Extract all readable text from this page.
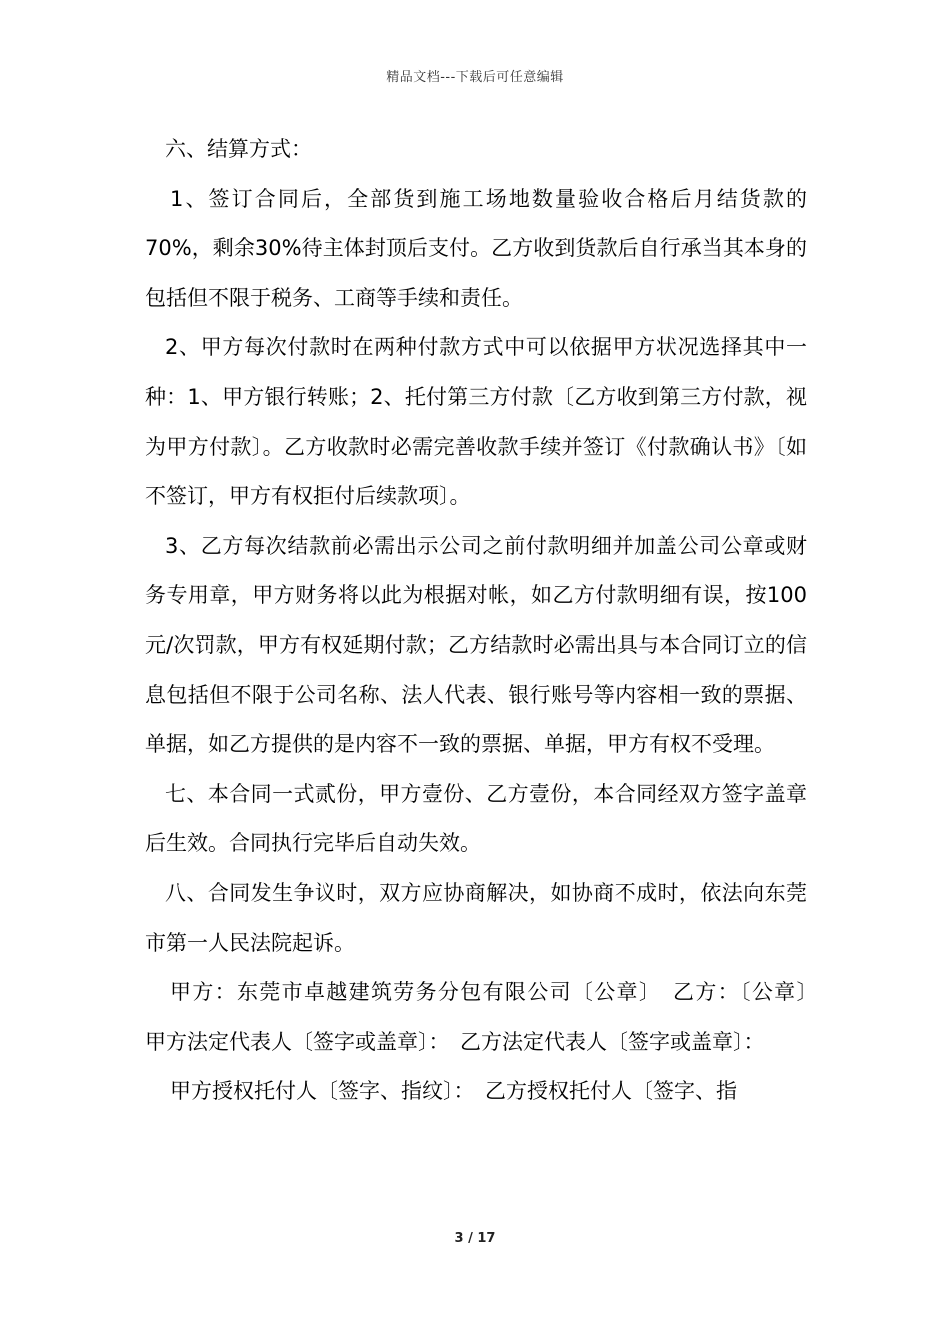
精品文档---下载后可任意编辑

六、结算方式：

1、签订合同后，全部货到施工场地数量验收合格后月结货款的70%，剩余30%待主体封顶后支付。乙方收到货款后自行承当其本身的包括但不限于税务、工商等手续和责任。

2、甲方每次付款时在两种付款方式中可以依据甲方状况选择其中一种：1、甲方银行转账；2、托付第三方付款〔乙方收到第三方付款，视为甲方付款〕。乙方收款时必需完善收款手续并签订《付款确认书》〔如不签订，甲方有权拒付后续款项〕。

3、乙方每次结款前必需出示公司之前付款明细并加盖公司公章或财务专用章，甲方财务将以此为根据对帐，如乙方付款明细有误，按100元/次罚款，甲方有权延期付款；乙方结款时必需出具与本合同订立的信息包括但不限于公司名称、法人代表、银行账号等内容相一致的票据、单据，如乙方提供的是内容不一致的票据、单据，甲方有权不受理。

七、本合同一式贰份，甲方壹份、乙方壹份，本合同经双方签字盖章后生效。合同执行完毕后自动失效。

八、合同发生争议时，双方应协商解决，如协商不成时，依法向东莞市第一人民法院起诉。

甲方：东莞市卓越建筑劳务分包有限公司〔公章〕　乙方：〔公章〕　甲方法定代表人〔签字或盖章〕：　乙方法定代表人〔签字或盖章〕：

甲方授权托付人〔签字、指纹〕：　乙方授权托付人〔签字、指

3 / 17
